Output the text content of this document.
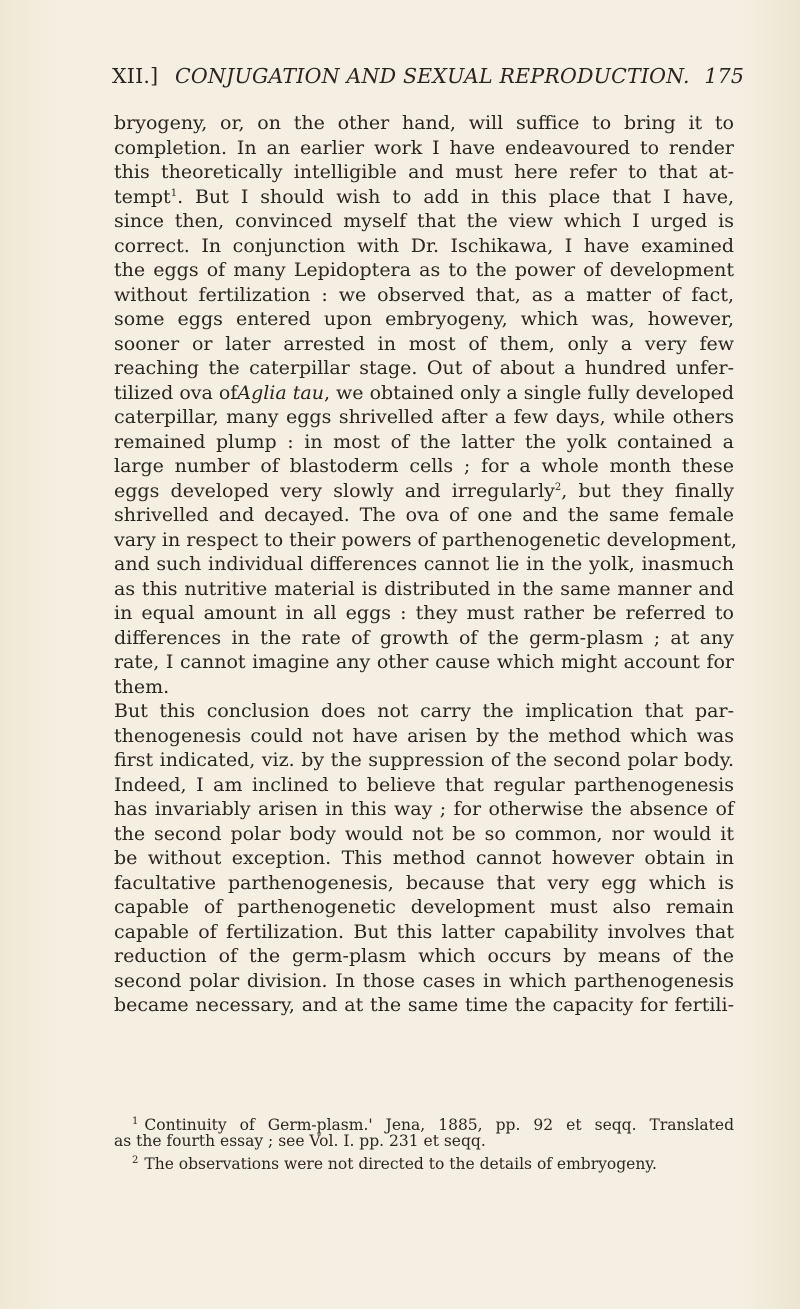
XII.] CONJUGATION AND SEXUAL REPRODUCTION. 175
bryogeny, or, on the other hand, will suffice to bring it to
completion. In an earlier work I have endeavoured to render
this theoretically intelligible and must here refer to that at-
tempt$^1$. But I should wish to add in this place that I have,
since then, convinced myself that the view which I urged is
correct. In conjunction with Dr. Ischikawa, I have examined
the eggs of many Lepidoptera as to the power of development
without fertilization : we observed that, as a matter of fact,
some eggs entered upon embryogeny, which was, however,
sooner or later arrested in most of them, only a very few
reaching the caterpillar stage. Out of about a hundred unfer-
tilized ova ofAglia tau, we obtained only a single fully developed
caterpillar, many eggs shrivelled after a few days, while others
remained plump : in most of the latter the yolk contained a
large number of blastoderm cells ; for a whole month these
eggs developed very slowly and irregularly$^2$, but they finally
shrivelled and decayed. The ova of one and the same female
vary in respect to their powers of parthenogenetic development,
and such individual differences cannot lie in the yolk, inasmuch
as this nutritive material is distributed in the same manner and
in equal amount in all eggs : they must rather be referred to
differences in the rate of growth of the germ-plasm ; at any
rate, I cannot imagine any other cause which might account for
them.
But this conclusion does not carry the implication that par-
thenogenesis could not have arisen by the method which was
first indicated, viz. by the suppression of the second polar body.
Indeed, I am inclined to believe that regular parthenogenesis
has invariably arisen in this way ; for otherwise the absence of
the second polar body would not be so common, nor would it
be without exception. This method cannot however obtain in
facultative parthenogenesis, because that very egg which is
capable of parthenogenetic development must also remain
capable of fertilization. But this latter capability involves that
reduction of the germ-plasm which occurs by means of the
second polar division. In those cases in which parthenogenesis
became necessary, and at the same time the capacity for fertili-
$^1$ Continuity of Germ-plasm.' Jena, 1885, pp. 92 et seqq. Translated
as the fourth essay ; see Vol. I. pp. 231 et seqq.
$^2$ The observations were not directed to the details of embryogeny.
